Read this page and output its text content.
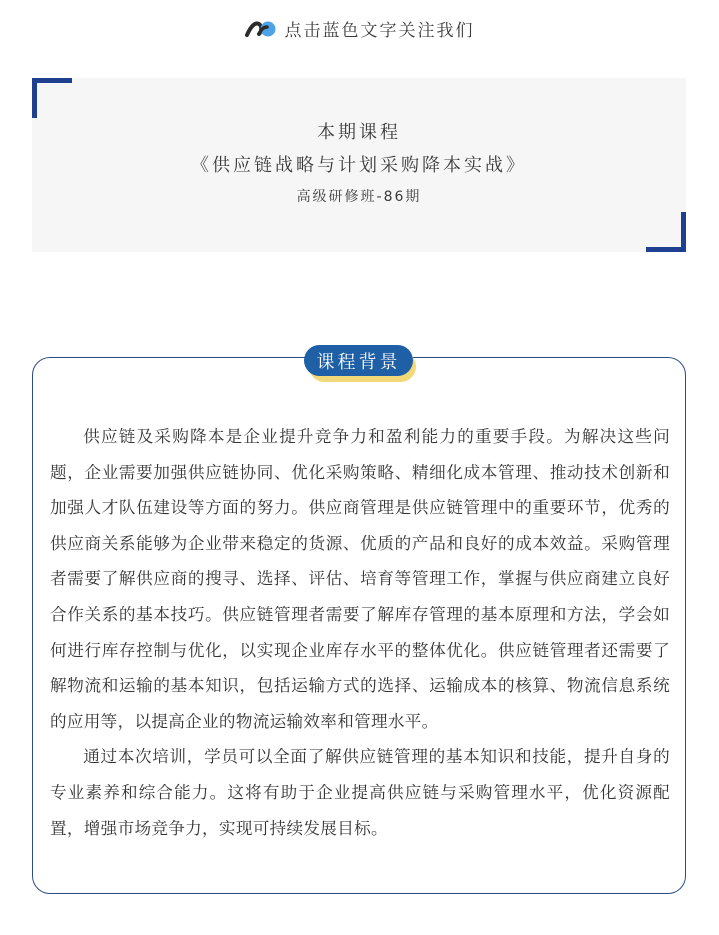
点击蓝色文字关注我们
本期课程
《供应链战略与计划采购降本实战》
高级研修班-86期
课程背景

供应链及采购降本是企业提升竞争力和盈利能力的重要手段。为解决这些问题，企业需要加强供应链协同、优化采购策略、精细化成本管理、推动技术创新和加强人才队伍建设等方面的努力。供应商管理是供应链管理中的重要环节，优秀的供应商关系能够为企业带来稳定的货源、优质的产品和良好的成本效益。采购管理者需要了解供应商的搜寻、选择、评估、培育等管理工作，掌握与供应商建立良好合作关系的基本技巧。供应链管理者需要了解库存管理的基本原理和方法，学会如何进行库存控制与优化，以实现企业库存水平的整体优化。供应链管理者还需要了解物流和运输的基本知识，包括运输方式的选择、运输成本的核算、物流信息系统的应用等，以提高企业的物流运输效率和管理水平。

通过本次培训，学员可以全面了解供应链管理的基本知识和技能，提升自身的专业素养和综合能力。这将有助于企业提高供应链与采购管理水平，优化资源配置，增强市场竞争力，实现可持续发展目标。
